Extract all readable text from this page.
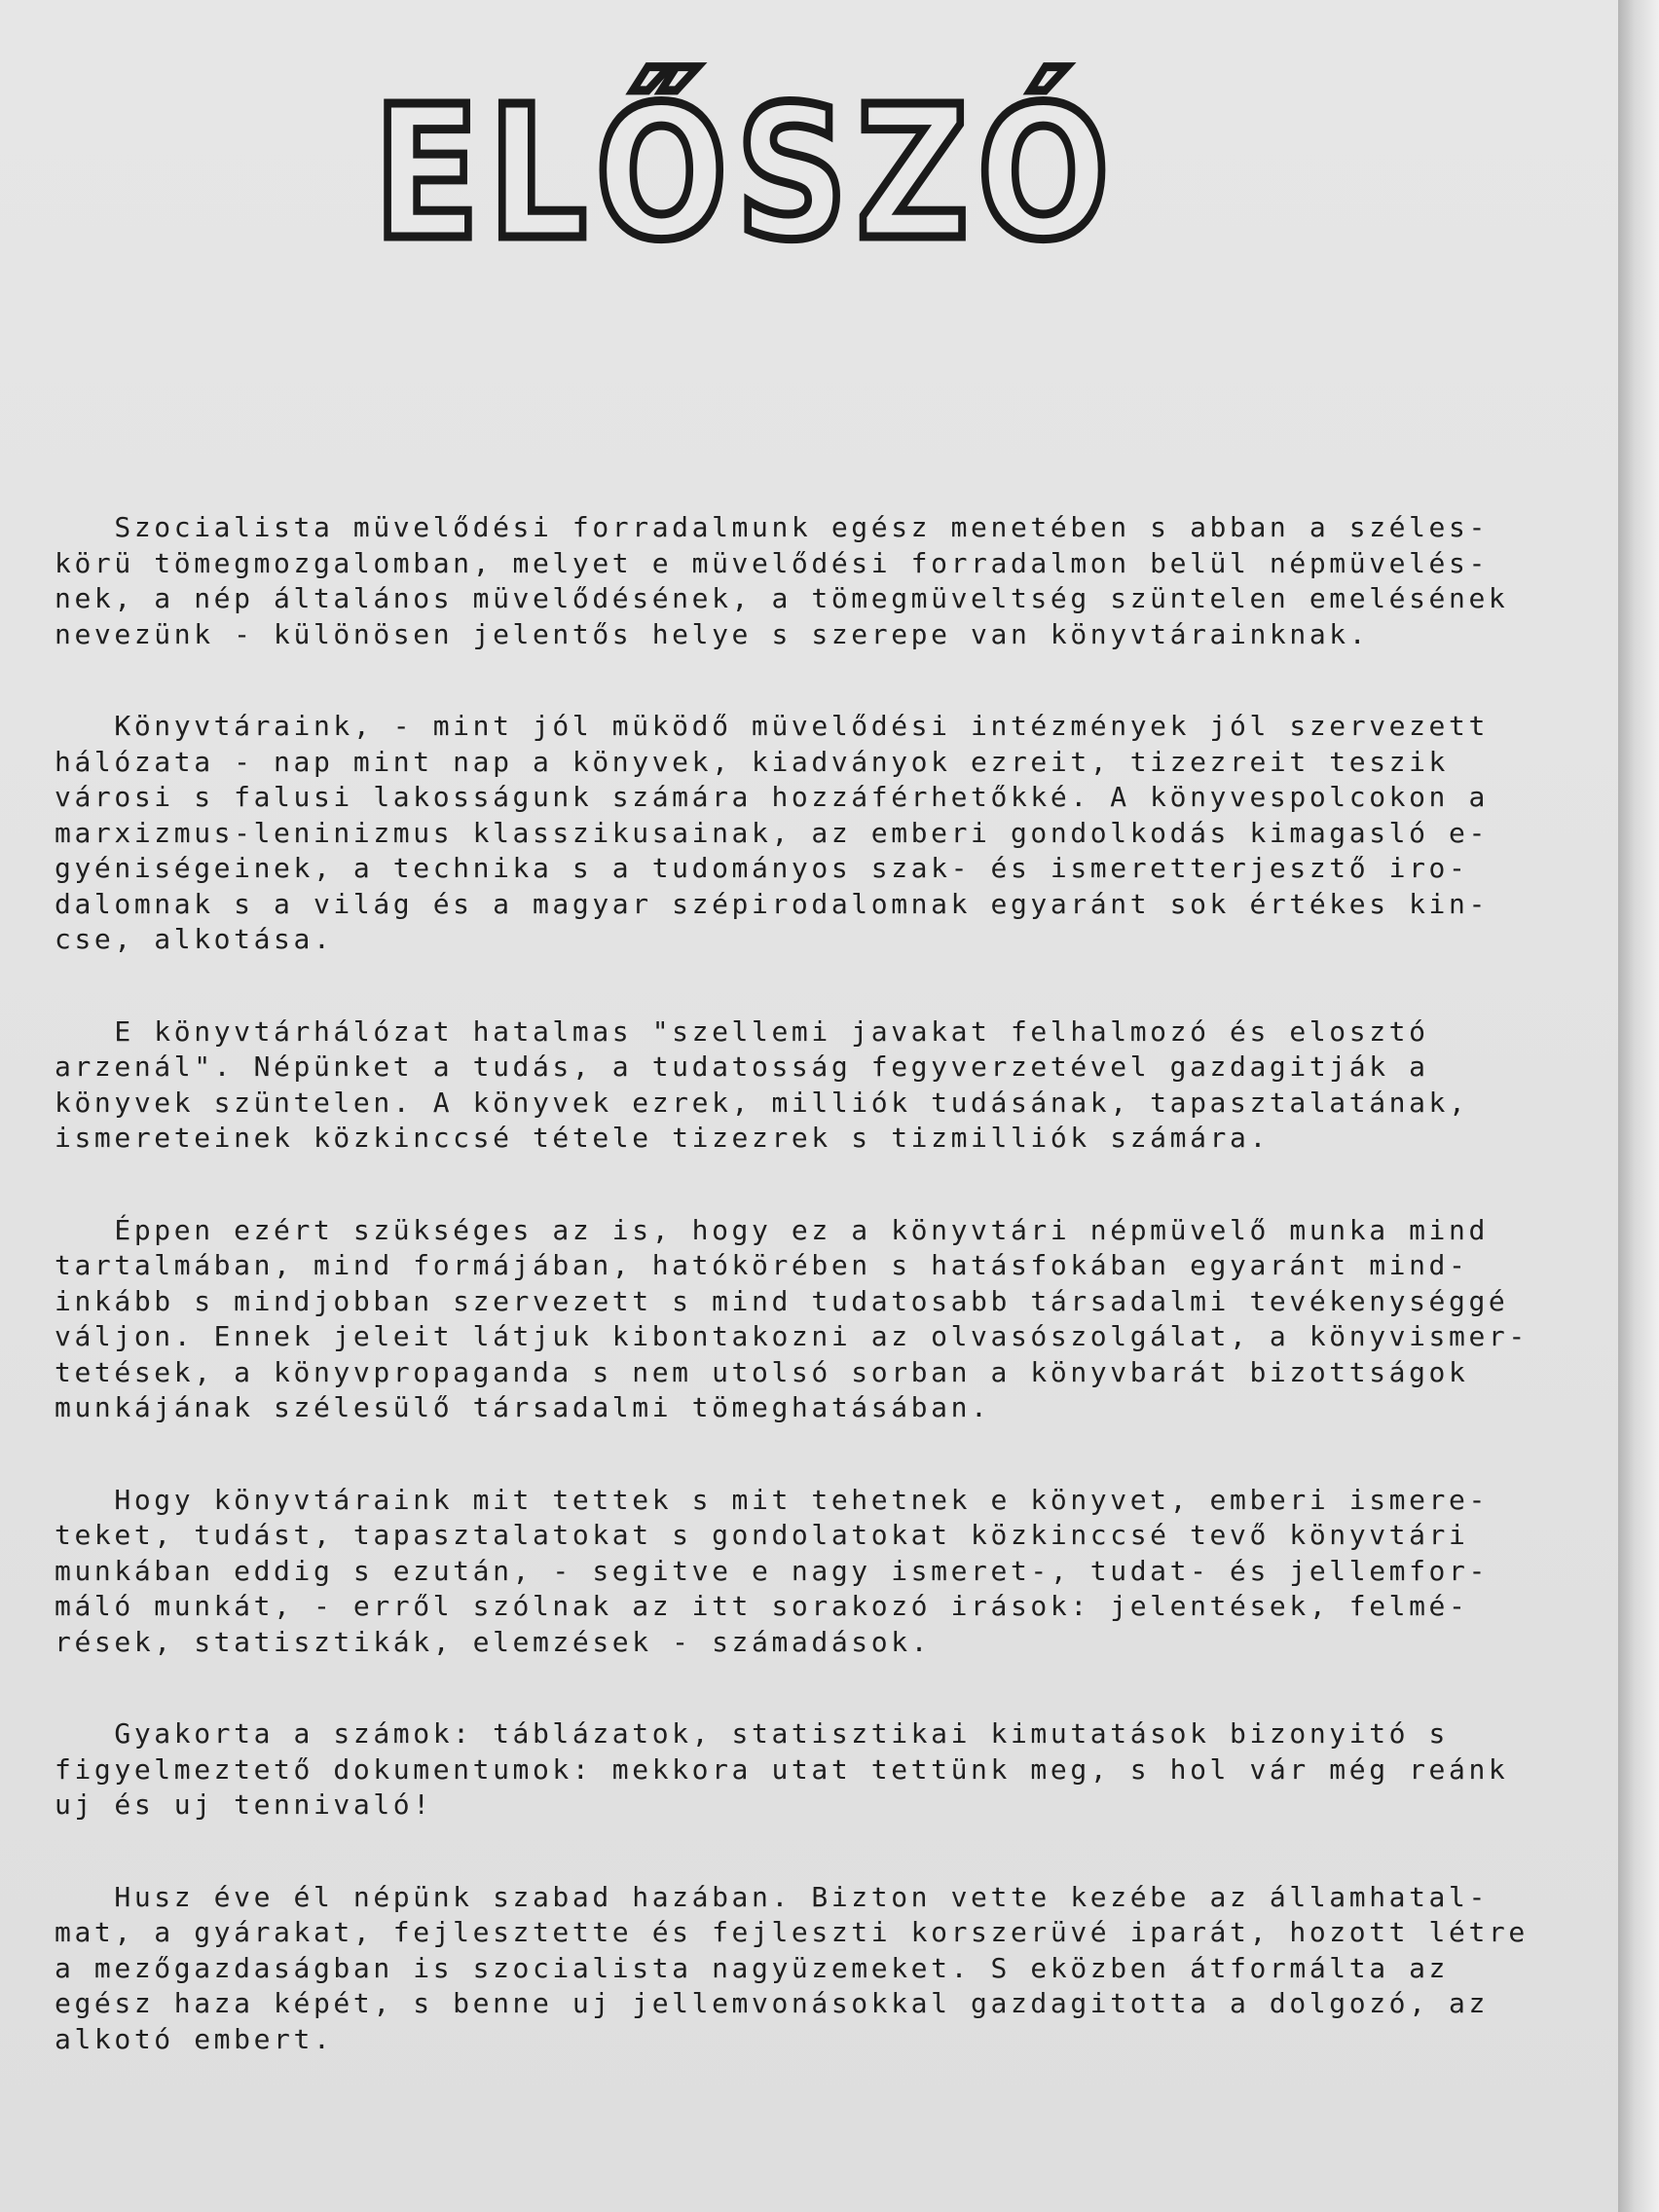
ELŐSZÓ
Szocialista müvelődési forradalmunk egész menetében s abban a széles-
körü tömegmozgalomban, melyet e müvelődési forradalmon belül népmüvelés-
nek, a nép általános müvelődésének, a tömegmüveltség szüntelen emelésének
nevezünk - különösen jelentős helye s szerepe van könyvtárainknak.
Könyvtáraink, - mint jól müködő müvelődési intézmények jól szervezett
hálózata - nap mint nap a könyvek, kiadványok ezreit, tizezreit teszik
városi s falusi lakosságunk számára hozzáférhetőkké. A könyvespolcokon a
marxizmus-leninizmus klasszikusainak, az emberi gondolkodás kimagasló e-
gyéniségeinek, a technika s a tudományos szak- és ismeretterjesztő iro-
dalomnak s a világ és a magyar szépirodalomnak egyaránt sok értékes kin-
cse, alkotása.
E könyvtárhálózat hatalmas "szellemi javakat felhalmozó és elosztó
arzenál". Népünket a tudás, a tudatosság fegyverzetével gazdagitják a
könyvek szüntelen. A könyvek ezrek, milliók tudásának, tapasztalatának,
ismereteinek közkinccsé tétele tizezrek s tizmilliók számára.
Éppen ezért szükséges az is, hogy ez a könyvtári népmüvelő munka mind
tartalmában, mind formájában, hatókörében s hatásfokában egyaránt mind-
inkább s mindjobban szervezett s mind tudatosabb társadalmi tevékenységgé
váljon. Ennek jeleit látjuk kibontakozni az olvasószolgálat, a könyvismer-
tetések, a könyvpropaganda s nem utolsó sorban a könyvbarát bizottságok
munkájának szélesülő társadalmi tömeghatásában.
Hogy könyvtáraink mit tettek s mit tehetnek e könyvet, emberi ismere-
teket, tudást, tapasztalatokat s gondolatokat közkinccsé tevő könyvtári
munkában eddig s ezután, - segitve e nagy ismeret-, tudat- és jellemfor-
máló munkát, - erről szólnak az itt sorakozó irások: jelentések, felmé-
rések, statisztikák, elemzések - számadások.
Gyakorta a számok: táblázatok, statisztikai kimutatások bizonyitó s
figyelmeztető dokumentumok: mekkora utat tettünk meg, s hol vár még reánk
uj és uj tennivaló!
Husz éve él népünk szabad hazában. Bizton vette kezébe az államhatal-
mat, a gyárakat, fejlesztette és fejleszti korszerüvé iparát, hozott létre
a mezőgazdaságban is szocialista nagyüzemeket. S eközben átformálta az
egész haza képét, s benne uj jellemvonásokkal gazdagitotta a dolgozó, az
alkotó embert.
